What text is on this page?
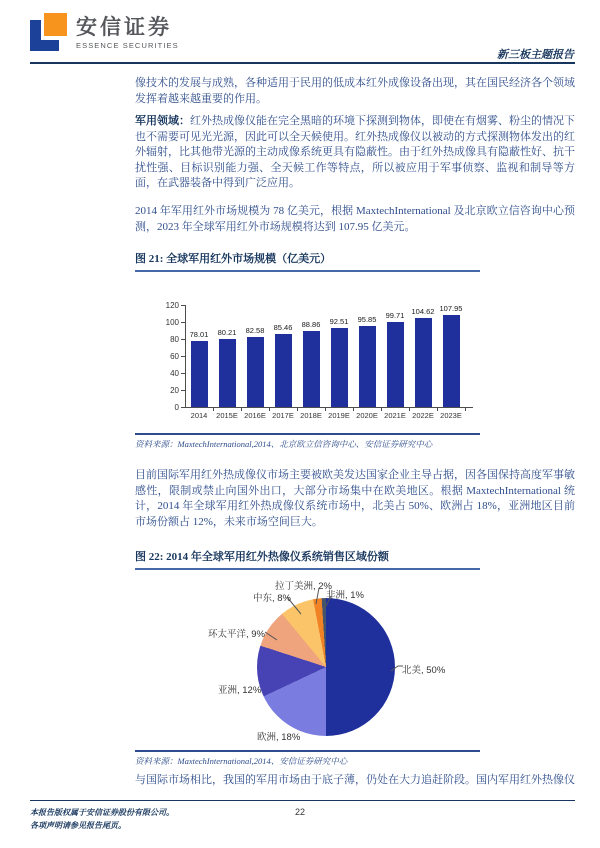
安信证券
ESSENCE SECURITIES
新三板主题报告
像技术的发展与成熟，各种适用于民用的低成本红外成像设备出现，其在国民经济各个领域发挥着越来越重要的作用。
军用领域：红外热成像仪能在完全黑暗的环境下探测到物体，即使在有烟雾、粉尘的情况下也不需要可见光光源，因此可以全天候使用。红外热成像仪以被动的方式探测物体发出的红外辐射，比其他带光源的主动成像系统更具有隐蔽性。由于红外热成像具有隐蔽性好、抗干扰性强、目标识别能力强、全天候工作等特点，所以被应用于军事侦察、监视和制导等方面，在武器装备中得到广泛应用。
2014 年军用红外市场规模为 78 亿美元，根据 MaxtechInternational 及北京欧立信咨询中心预测，2023 年全球军用红外市场规模将达到 107.95 亿美元。
图 21: 全球军用红外市场规模（亿美元）
0
20
40
60
80
100
120
78.01
2014
80.21
2015E
82.58
2016E
85.46
2017E
88.86
2018E
92.51
2019E
95.85
2020E
99.71
2021E
104.62
2022E
107.95
2023E
资料来源：MaxtechInternational,2014、北京欧立信咨询中心、安信证券研究中心
目前国际军用红外热成像仪市场主要被欧美发达国家企业主导占据，因各国保持高度军事敏感性，限制或禁止向国外出口，大部分市场集中在欧美地区。根据 MaxtechInternational 统计，2014 年全球军用红外热成像仪系统市场中，北美占 50%、欧洲占 18%，亚洲地区目前市场份额占 12%，未来市场空间巨大。
图 22: 2014 年全球军用红外热像仪系统销售区域份额
北美, 50%
欧洲, 18%
亚洲, 12%
环太平洋, 9%
中东, 8%
拉丁美洲, 2%
非洲, 1%
资料来源：MaxtechInternational,2014、安信证券研究中心
与国际市场相比，我国的军用市场由于底子薄，仍处在大力追赶阶段。国内军用红外热像仪
本报告版权属于安信证券股份有限公司。
各项声明请参见报告尾页。
22
